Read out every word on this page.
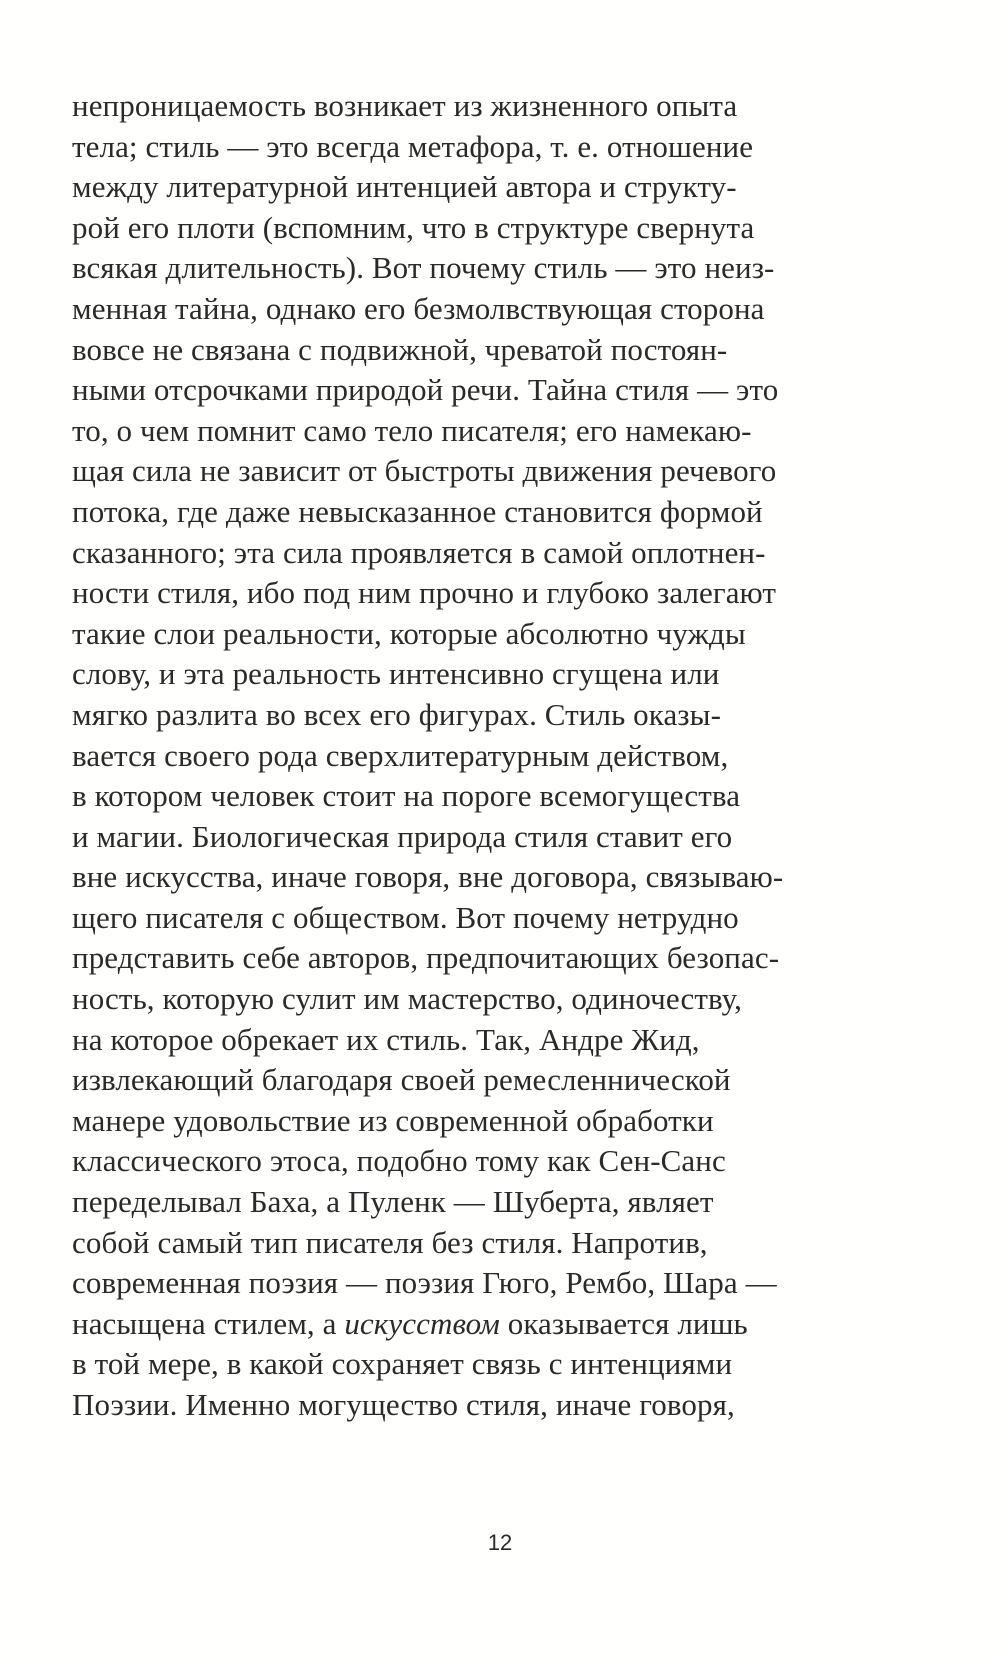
непроницаемость возникает из жизненного опыта
тела; стиль — это всегда метафора, т. е. отношение
между литературной интенцией автора и структу-
рой его плоти (вспомним, что в структуре свернута
всякая длительность). Вот почему стиль — это неиз-
менная тайна, однако его безмолвствующая сторона
вовсе не связана с подвижной, чреватой постоян-
ными отсрочками природой речи. Тайна стиля — это
то, о чем помнит само тело писателя; его намекаю-
щая сила не зависит от быстроты движения речевого
потока, где даже невысказанное становится формой
сказанного; эта сила проявляется в самой оплотнен-
ности стиля, ибо под ним прочно и глубоко залегают
такие слои реальности, которые абсолютно чужды
слову, и эта реальность интенсивно сгущена или
мягко разлита во всех его фигурах. Стиль оказы-
вается своего рода сверхлитературным действом,
в котором человек стоит на пороге всемогущества
и магии. Биологическая природа стиля ставит его
вне искусства, иначе говоря, вне договора, связываю-
щего писателя с обществом. Вот почему нетрудно
представить себе авторов, предпочитающих безопас-
ность, которую сулит им мастерство, одиночеству,
на которое обрекает их стиль. Так, Андре Жид,
извлекающий благодаря своей ремесленнической
манере удовольствие из современной обработки
классического этоса, подобно тому как Сен-Санс
переделывал Баха, а Пуленк — Шуберта, являет
собой самый тип писателя без стиля. Напротив,
современная поэзия — поэзия Гюго, Рембо, Шара —
насыщена стилем, а искусством оказывается лишь
в той мере, в какой сохраняет связь с интенциями
Поэзии. Именно могущество стиля, иначе говоря,
12
